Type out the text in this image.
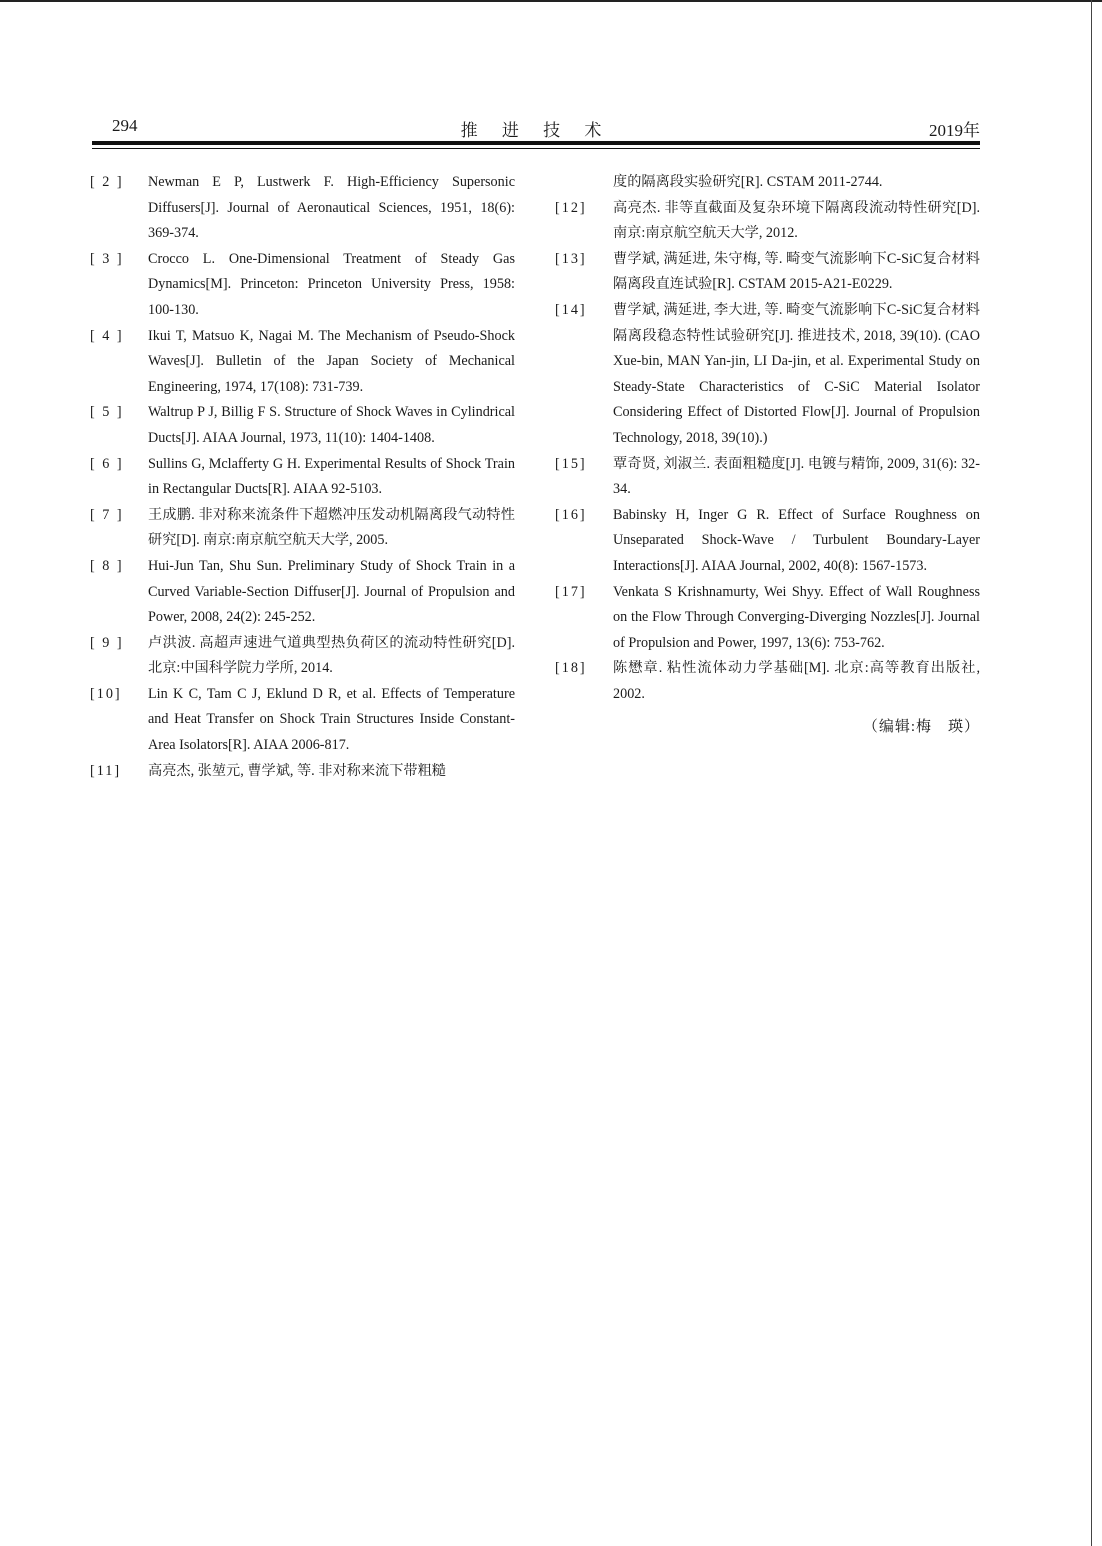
294	推 进 技 术	2019年
[ 2 ]	Newman E P, Lustwerk F. High-Efficiency Supersonic Diffusers[J]. Journal of Aeronautical Sciences, 1951, 18(6): 369-374.
[ 3 ]	Crocco L. One-Dimensional Treatment of Steady Gas Dynamics[M]. Princeton: Princeton University Press, 1958: 100-130.
[ 4 ]	Ikui T, Matsuo K, Nagai M. The Mechanism of Pseudo-Shock Waves[J]. Bulletin of the Japan Society of Mechanical Engineering, 1974, 17(108): 731-739.
[ 5 ]	Waltrup P J, Billig F S. Structure of Shock Waves in Cylindrical Ducts[J]. AIAA Journal, 1973, 11(10): 1404-1408.
[ 6 ]	Sullins G, Mclafferty G H. Experimental Results of Shock Train in Rectangular Ducts[R]. AIAA 92-5103.
[ 7 ]	王成鹏. 非对称来流条件下超燃冲压发动机隔离段气动特性研究[D]. 南京:南京航空航天大学, 2005.
[ 8 ]	Hui-Jun Tan, Shu Sun. Preliminary Study of Shock Train in a Curved Variable-Section Diffuser[J]. Journal of Propulsion and Power, 2008, 24(2): 245-252.
[ 9 ]	卢洪波. 高超声速进气道典型热负荷区的流动特性研究[D]. 北京:中国科学院力学所, 2014.
[10]	Lin K C, Tam C J, Eklund D R, et al. Effects of Temperature and Heat Transfer on Shock Train Structures Inside Constant-Area Isolators[R]. AIAA 2006-817.
[11]	高亮杰, 张堃元, 曹学斌, 等. 非对称来流下带粗糙
度的隔离段实验研究[R]. CSTAM 2011-2744.
[12]	高亮杰. 非等直截面及复杂环境下隔离段流动特性研究[D]. 南京:南京航空航天大学, 2012.
[13]	曹学斌, 满延进, 朱守梅, 等. 畸变气流影响下C-SiC复合材料隔离段直连试验[R]. CSTAM 2015-A21-E0229.
[14]	曹学斌, 满延进, 李大进, 等. 畸变气流影响下C-SiC复合材料隔离段稳态特性试验研究[J]. 推进技术, 2018, 39(10). (CAO Xue-bin, MAN Yan-jin, LI Da-jin, et al. Experimental Study on Steady-State Characteristics of C-SiC Material Isolator Considering Effect of Distorted Flow[J]. Journal of Propulsion Technology, 2018, 39(10).)
[15]	覃奇贤, 刘淑兰. 表面粗糙度[J]. 电镀与精饰, 2009, 31(6): 32-34.
[16]	Babinsky H, Inger G R. Effect of Surface Roughness on Unseparated Shock-Wave / Turbulent Boundary-Layer Interactions[J]. AIAA Journal, 2002, 40(8): 1567-1573.
[17]	Venkata S Krishnamurty, Wei Shyy. Effect of Wall Roughness on the Flow Through Converging-Diverging Nozzles[J]. Journal of Propulsion and Power, 1997, 13(6): 753-762.
[18]	陈懋章. 粘性流体动力学基础[M]. 北京:高等教育出版社, 2002.
（编辑:梅　瑛）
